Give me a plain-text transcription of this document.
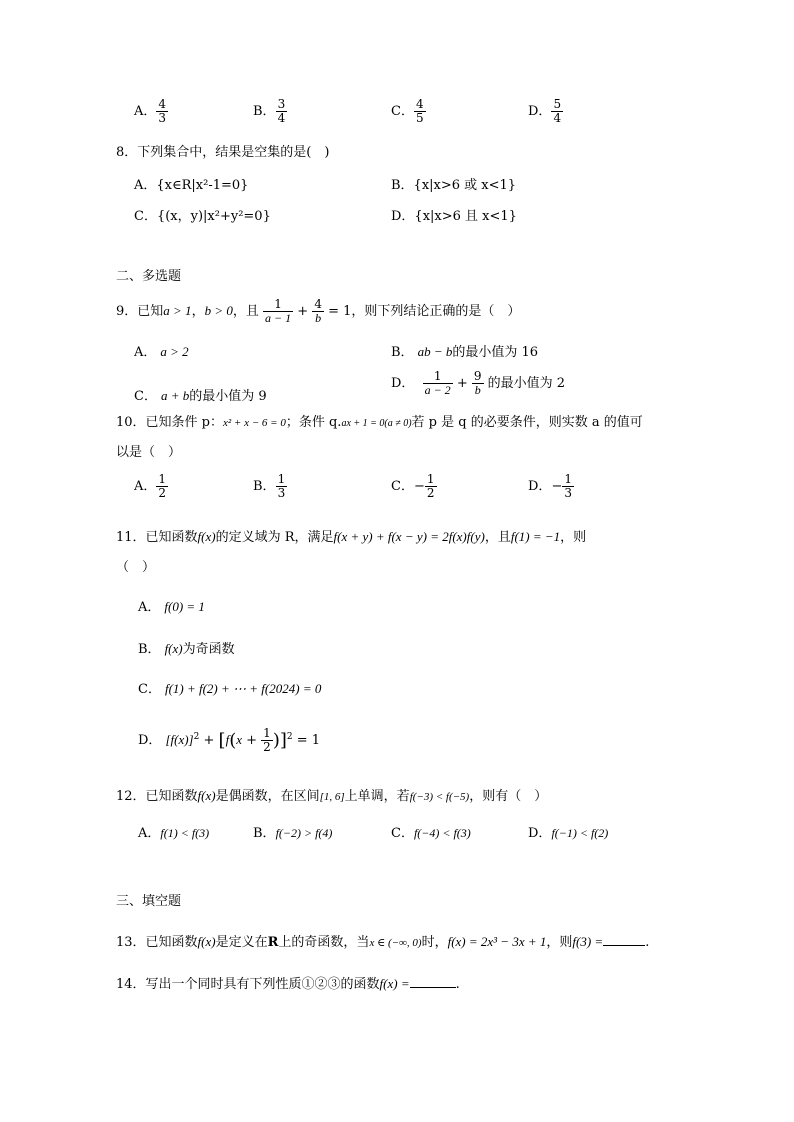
A． $\frac{4}{3}$	B． $\frac{3}{4}$	C． $\frac{4}{5}$	D． $\frac{5}{4}$
8．下列集合中，结果是空集的是(　)
A．{x∈R|x²-1=0}	B．{x|x>6 或 x<1}
C．{(x，y)|x²+y²=0}	D．{x|x>6 且 x<1}
二、多选题
9．已知a > 1，b > 0，且 $\frac{1}{a - 1} + \frac{4}{b} = 1$，则下列结论正确的是（　）
A． a > 2	B． ab − b的最小值为 16
C． a + b的最小值为 9
D． $\frac{1}{a - 2} + \frac{9}{b}$ 的最小值为 2
10．已知条件 p：x² + x − 6 = 0；条件 q.ax + 1 = 0(a ≠ 0)若 p 是 q 的必要条件，则实数 a 的值可
以是（　）
A． $\frac{1}{2}$	B． $\frac{1}{3}$	C．− $\frac{1}{2}$	D．− $\frac{1}{3}$
11．已知函数f(x)的定义域为 R，满足f(x + y) + f(x − y) = 2f(x)f(y)，且f(1) = −1，则
（　）
A． f(0) = 1
B． f(x)为奇函数
C． f(1) + f(2) + ⋯ + f(2024) = 0
D． $[f(x)]^2 + [f(x + \frac{1}{2} )]^2 = 1$
12．已知函数f(x)是偶函数，在区间[1, 6]上单调，若f(−3) < f(−5)，则有（　）
A．f(1) < f(3)	B．f(−2) > f(4)	C．f(−4) < f(3)	D．f(−1) < f(2)
三、填空题
13．已知函数f(x)是定义在R上的奇函数，当x ∈ (−∞, 0)时，f(x) = 2x³ − 3x + 1，则f(3) =	.
14．写出一个同时具有下列性质①②③的函数f(x) =	.
